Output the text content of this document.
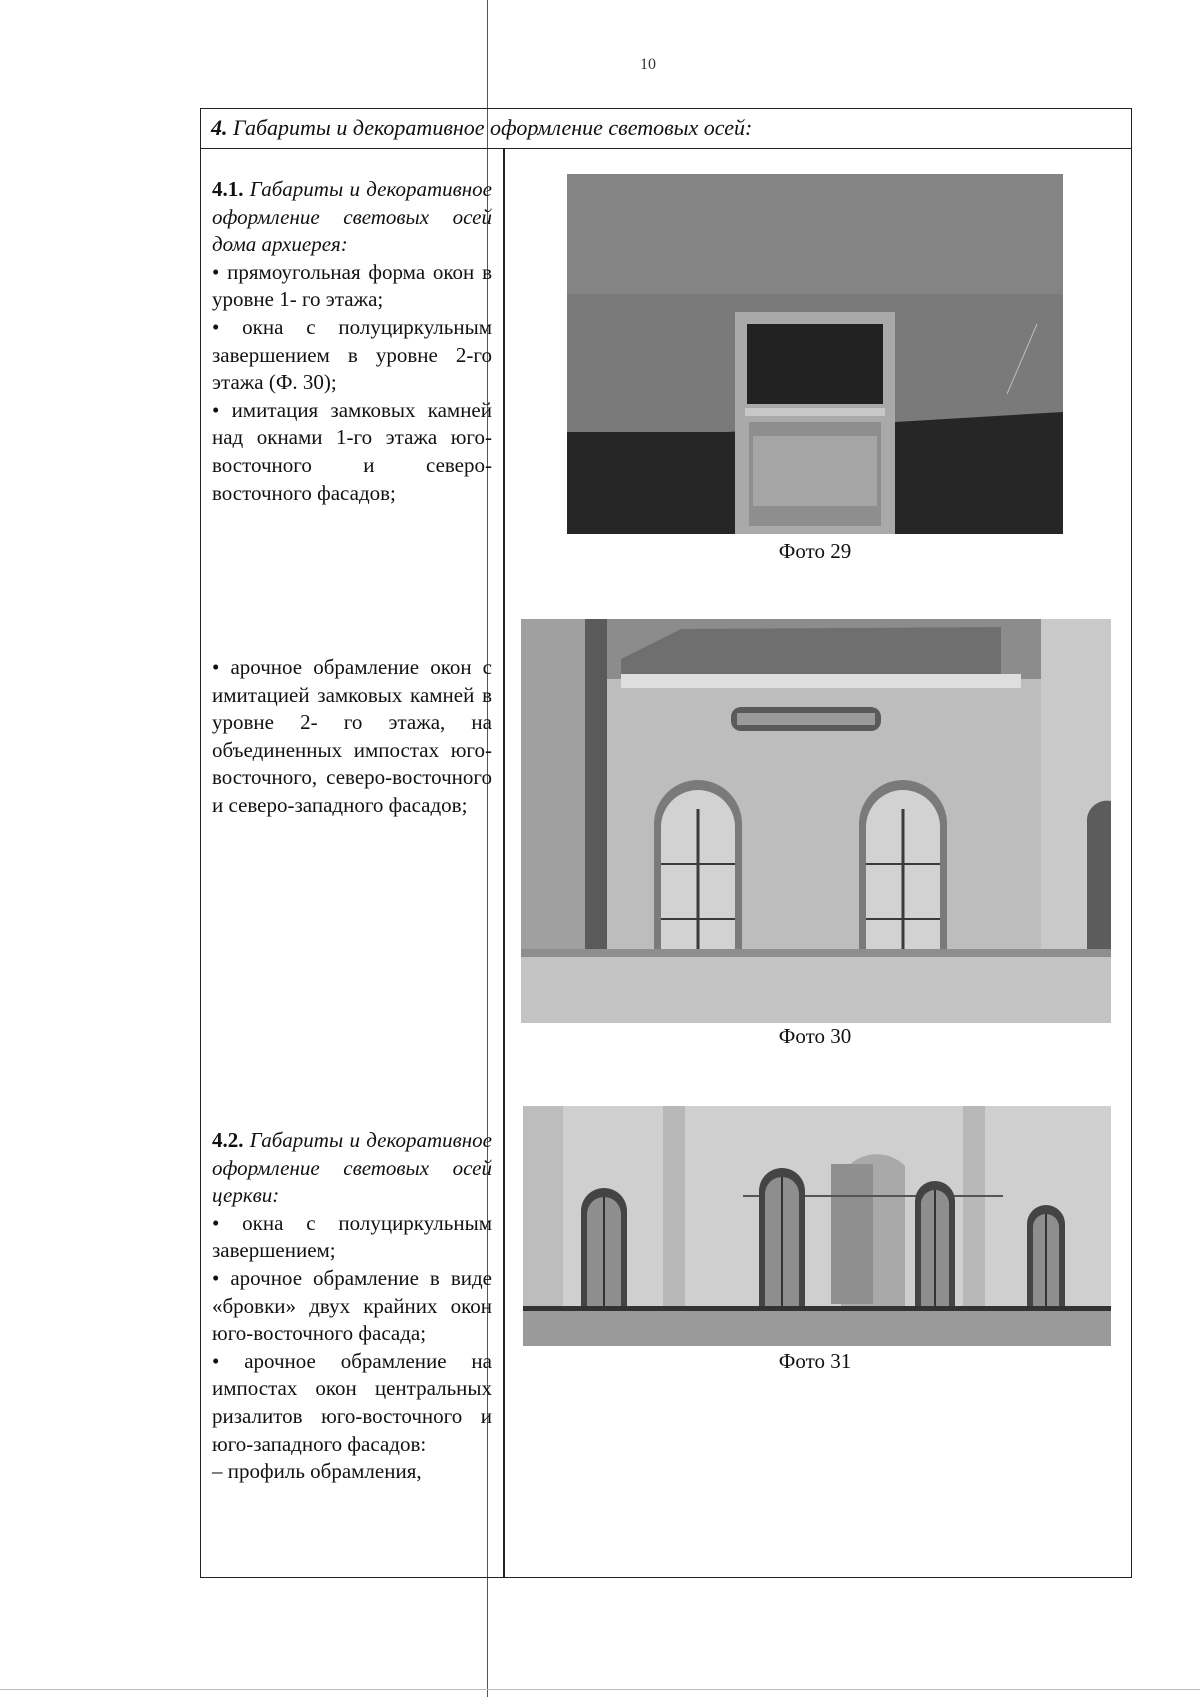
10
4. Габариты и декоративное оформление световых осей:

4.1. Габариты и декоративное оформление световых осей дома архиерея:

• прямоугольная форма окон в уровне 1- го этажа;

• окна с полуциркульным завершением в уровне 2-го этажа (Ф. 30);

• имитация замковых камней над окнами 1-го этажа юго-восточного и северо-восточного фасадов;

• арочное обрамление окон с имитацией замковых камней в уровне 2- го этажа, на объединенных импостах юго-восточного, северо-восточного и северо-западного фасадов;

4.2. Габариты и декоративное оформление световых осей церкви:

• окна с полуциркульным завершением;

• арочное обрамление в виде «бровки» двух крайних окон юго-восточного фасада;

• арочное обрамление на импостах окон центральных ризалитов юго-восточного и юго-западного фасадов:

– профиль обрамления,

Фото 29
Фото 30
Фото 31
